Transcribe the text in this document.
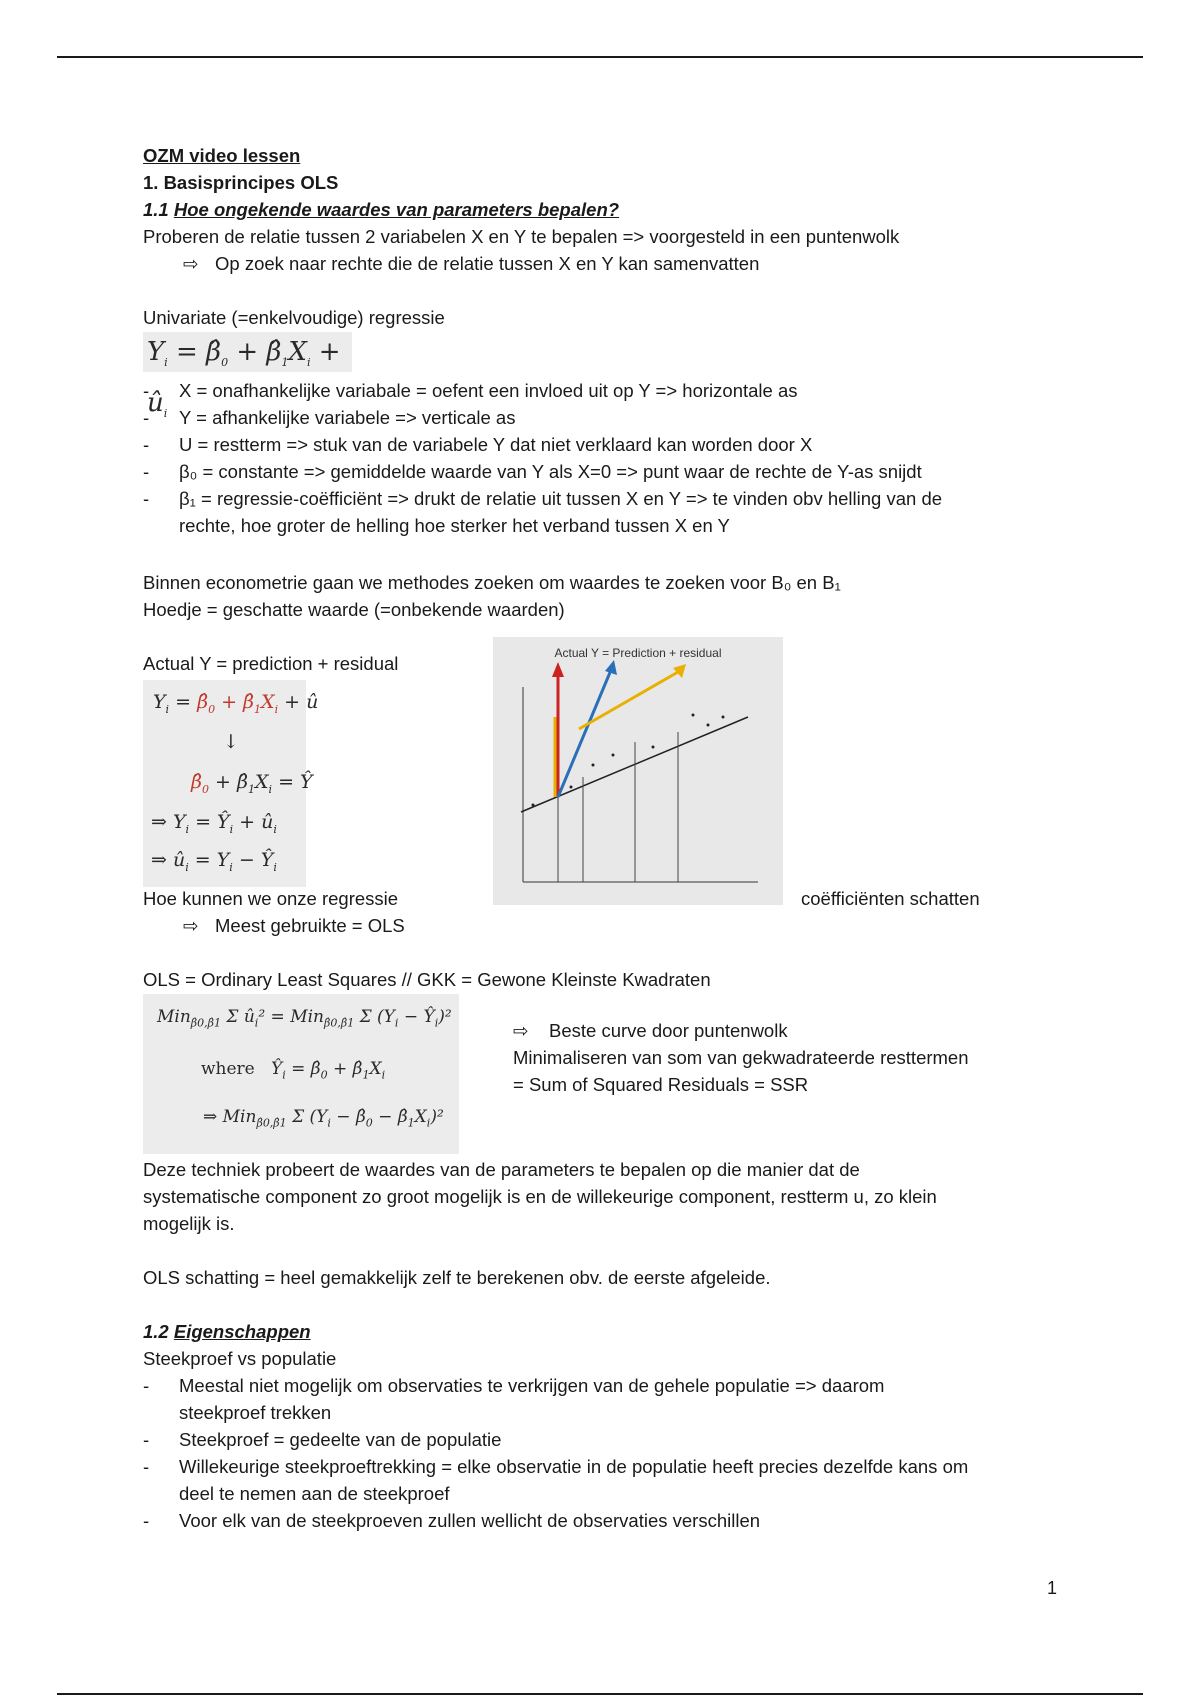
OZM video lessen
1. Basisprincipes OLS
1.1 Hoe ongekende waardes van parameters bepalen?
Proberen de relatie tussen 2 variabelen X en Y te bepalen => voorgesteld in een puntenwolk
⇨ Op zoek naar rechte die de relatie tussen X en Y kan samenvatten
Univariate (=enkelvoudige) regressie
$Y_i$ = $\betâ_0$ + $\betâ_1X_i$ + $û_i$
- X = onafhankelijke variabale = oefent een invloed uit op Y => horizontale as
- Y = afhankelijke variabele => verticale as
- U = restterm => stuk van de variabele Y dat niet verklaard kan worden door X
- β₀ = constante => gemiddelde waarde van Y als X=0 => punt waar de rechte de Y-as snijdt
- β₁ = regressie-coëfficiënt => drukt de relatie uit tussen X en Y => te vinden obv helling van de
rechte, hoe groter de helling hoe sterker het verband tussen X en Y
Binnen econometrie gaan we methodes zoeken om waardes te zoeken voor B₀ en B₁
Hoedje = geschatte waarde (=onbekende waarden)
Actual Y = prediction + residual
$Y_i$ = $\betâ_0$ + $\betâ_1X_i$ + û
↓
$\betâ_0$ + $\betâ_1X_i$ = Ŷ
⇒ $Y_i$ = $Ŷ_i$ + $û_i$
⇒ $û_i = Y_i$ − $Ŷ_i$
Actual Y = Prediction + residual
Hoe kunnen we onze regressie	coëfficiënten schatten
⇨ Meest gebruikte = OLS
OLS = Ordinary Least Squares // GKK = Gewone Kleinste Kwadraten
Min$_{\betâ0,\betâ1}$ Σ $û_i^2 = Min_{\betâ0,\betâ1}$ Σ ($Y_i$ − $Ŷ_i)^2$
where   $Ŷ_i$ = $\betâ_0$ + $\betâ_1X_i$
⇒ Min$_{\betâ0,\betâ1}$ Σ ($Y_i$ − $\betâ_0$ − $\betâ_1X_i)^2$
⇨ Beste curve door puntenwolk
Minimaliseren van som van gekwadrateerde resttermen
= Sum of Squared Residuals = SSR
Deze techniek probeert de waardes van de parameters te bepalen op die manier dat de
systematische component zo groot mogelijk is en de willekeurige component, restterm u, zo klein
mogelijk is.
OLS schatting = heel gemakkelijk zelf te berekenen obv. de eerste afgeleide.
1.2 Eigenschappen
Steekproef vs populatie
- Meestal niet mogelijk om observaties te verkrijgen van de gehele populatie => daarom
steekproef trekken
- Steekproef = gedeelte van de populatie
- Willekeurige steekproeftrekking = elke observatie in de populatie heeft precies dezelfde kans om
deel te nemen aan de steekproef
- Voor elk van de steekproeven zullen wellicht de observaties verschillen
1
